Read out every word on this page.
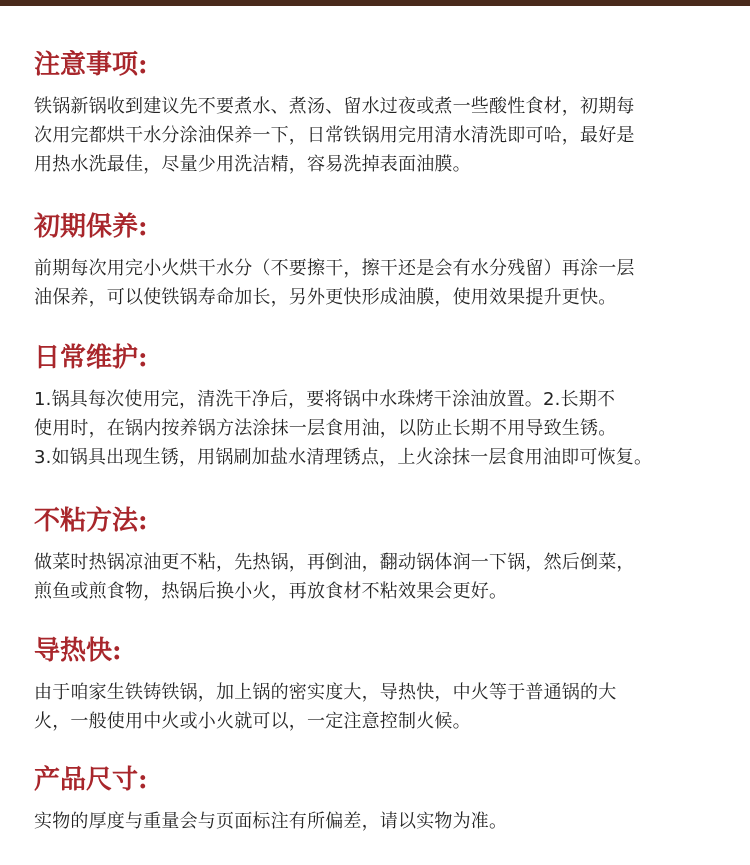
注意事项:

铁锅新锅收到建议先不要煮水、煮汤、留水过夜或煮一些酸性食材，初期每
次用完都烘干水分涂油保养一下，日常铁锅用完用清水清洗即可哈，最好是
用热水洗最佳，尽量少用洗洁精，容易洗掉表面油膜。

初期保养:

前期每次用完小火烘干水分（不要擦干，擦干还是会有水分残留）再涂一层
油保养，可以使铁锅寿命加长，另外更快形成油膜，使用效果提升更快。

日常维护:

1.锅具每次使用完，清洗干净后，要将锅中水珠烤干涂油放置。2.长期不
使用时，在锅内按养锅方法涂抹一层食用油，以防止长期不用导致生锈。
3.如锅具出现生锈，用锅刷加盐水清理锈点，上火涂抹一层食用油即可恢复。

不粘方法:

做菜时热锅凉油更不粘，先热锅，再倒油，翻动锅体润一下锅，然后倒菜，
煎鱼或煎食物，热锅后换小火，再放食材不粘效果会更好。

导热快:

由于咱家生铁铸铁锅，加上锅的密实度大，导热快，中火等于普通锅的大
火，一般使用中火或小火就可以，一定注意控制火候。

产品尺寸:

实物的厚度与重量会与页面标注有所偏差，请以实物为准。
